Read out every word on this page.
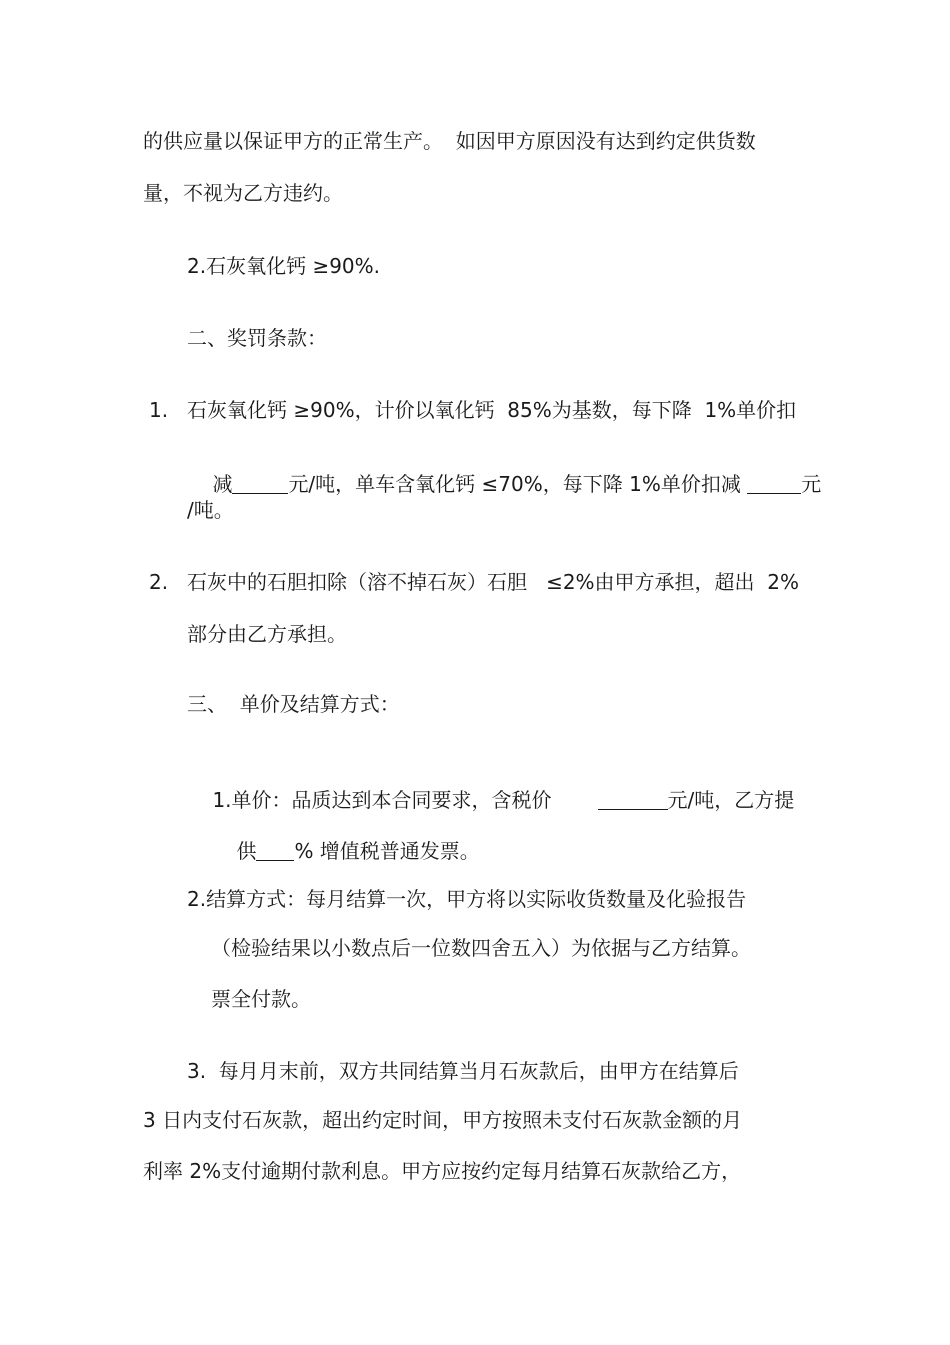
的供应量以保证甲方的正常生产。  如因甲方原因没有达到约定供货数
量，不视为乙方违约。
2.石灰氧化钙 ≥90%.
二、奖罚条款：
1. 石灰氧化钙 ≥90%，计价以氧化钙  85%为基数，每下降  1%单价扣

减	元/吨，单车含氧化钙 ≤70%，每下降 1%单价扣减	元

/吨。
2. 石灰中的石胆扣除（溶不掉石灰）石胆   ≤2%由甲方承担，超出  2%
部分由乙方承担。
三、  单价及结算方式：

1.单价：品质达到本合同要求，含税价	元/吨，乙方提

供 % 增值税普通发票。

2.结算方式：每月结算一次，甲方将以实际收货数量及化验报告
（检验结果以小数点后一位数四舍五入）为依据与乙方结算。
票全付款。
3.  每月月末前，双方共同结算当月石灰款后，由甲方在结算后
3 日内支付石灰款，超出约定时间，甲方按照未支付石灰款金额的月
利率 2%支付逾期付款利息。甲方应按约定每月结算石灰款给乙方，
